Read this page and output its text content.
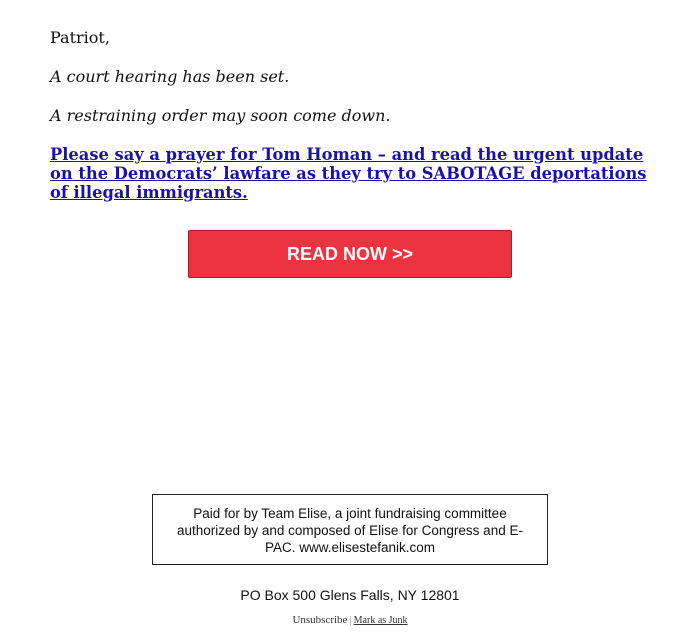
Patriot,

A court hearing has been set.

A restraining order may soon come down.

Please say a prayer for Tom Homan – and read the urgent update on the Democrats’ lawfare as they try to SABOTAGE deportations of illegal immigrants.
READ NOW >>
Paid for by Team Elise, a joint fundraising committee authorized by and composed of Elise for Congress and E-PAC. www.elisestefanik.com
PO Box 500 Glens Falls, NY 12801
Unsubscribe | Mark as Junk
